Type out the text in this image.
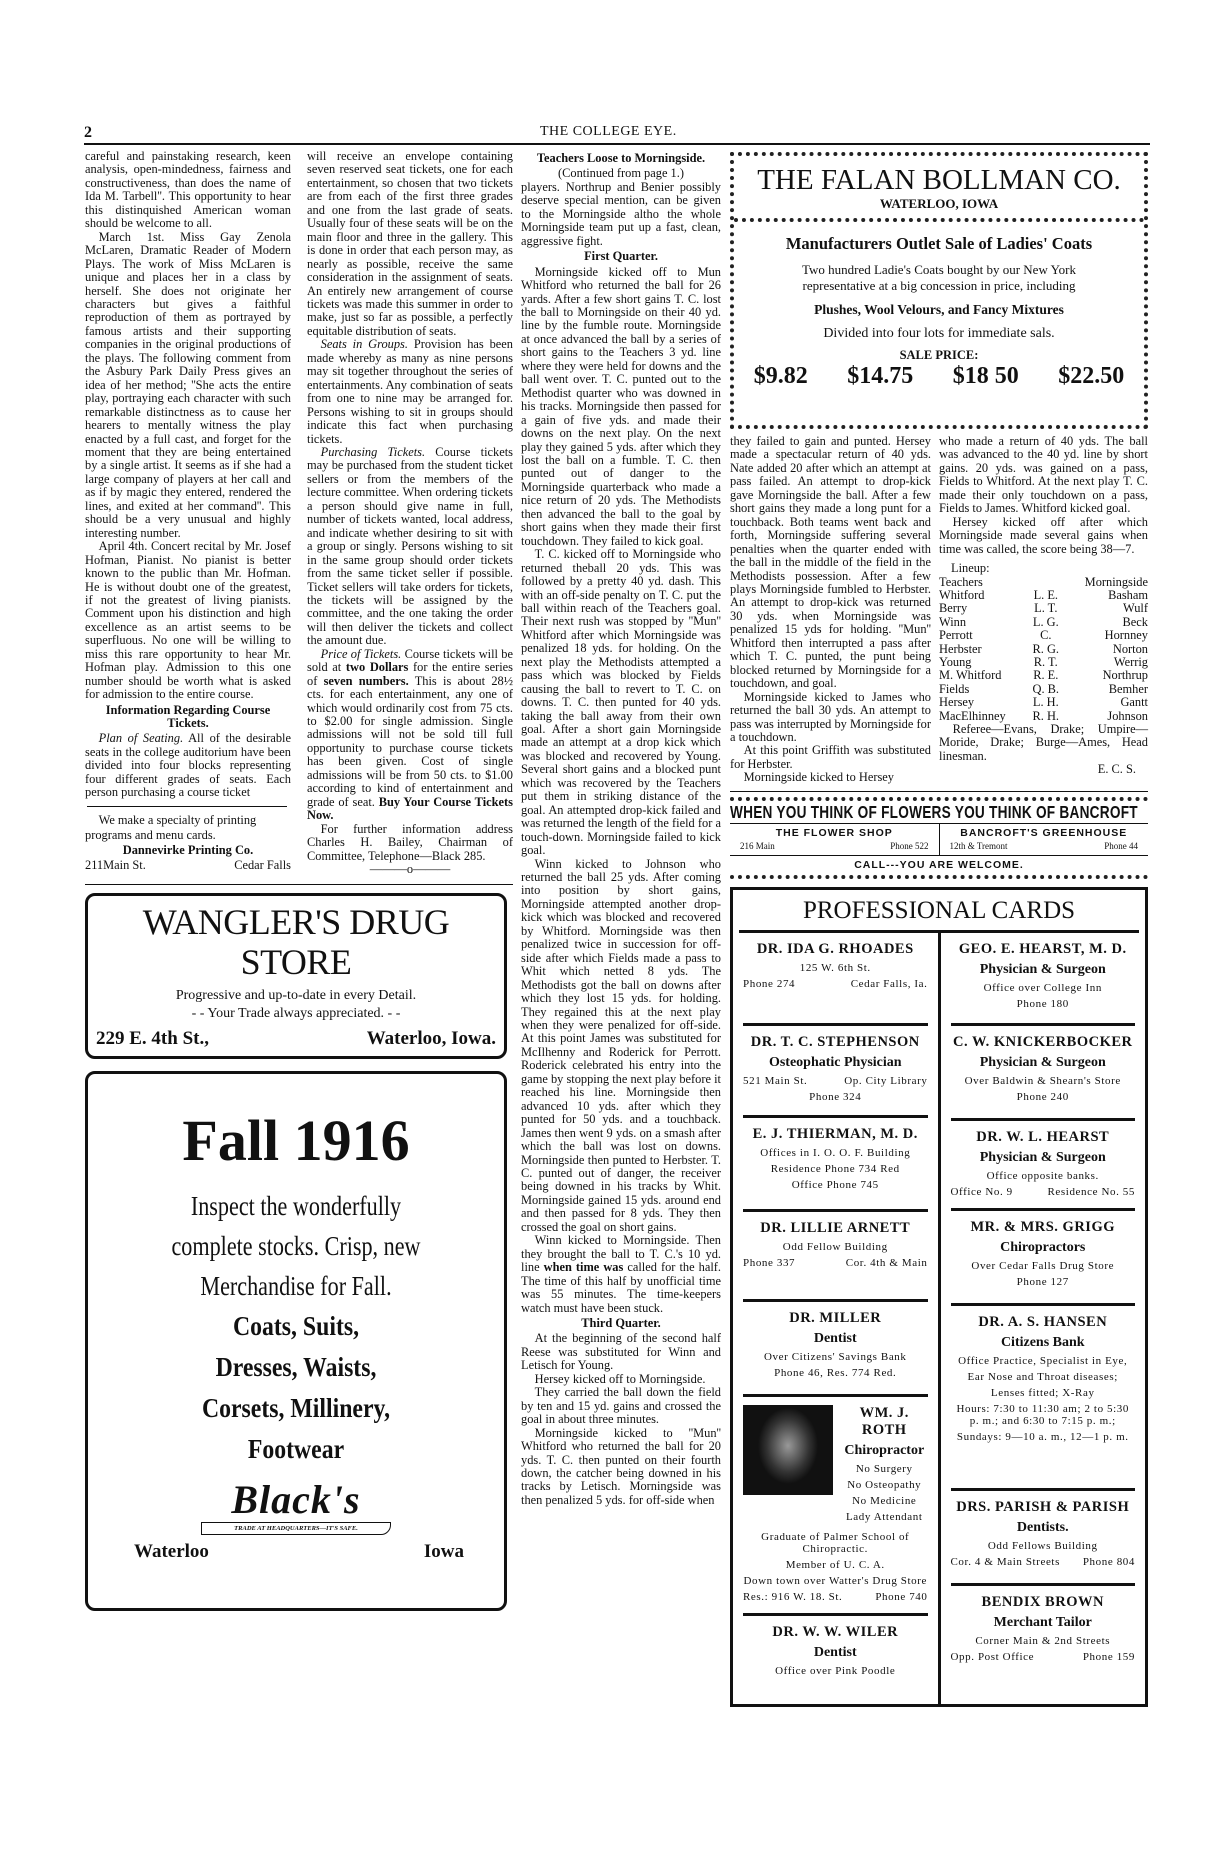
2	THE COLLEGE EYE.

careful and painstaking research, keen analysis, open-mindedness, fairness and constructiveness, than does the name of Ida M. Tarbell''. This opportunity to hear this distinquished American woman should be welcome to all.

March 1st. Miss Gay Zenola McLaren, Dramatic Reader of Modern Plays. The work of Miss McLaren is unique and places her in a class by herself. She does not originate her characters but gives a faithful reproduction of them as portrayed by famous artists and their supporting companies in the original productions of the plays. The following comment from the Asbury Park Daily Press gives an idea of her method; ''She acts the entire play, portraying each character with such remarkable distinctness as to cause her hearers to mentally witness the play enacted by a full cast, and forget for the moment that they are being entertained by a single artist. It seems as if she had a large company of players at her call and as if by magic they entered, rendered the lines, and exited at her command''. This should be a very unusual and highly interesting number.

April 4th. Concert recital by Mr. Josef Hofman, Pianist. No pianist is better known to the public than Mr. Hofman. He is without doubt one of the greatest, if not the greatest of living pianists. Comment upon his distinction and high excellence as an artist seems to be superfluous. No one will be willing to miss this rare opportunity to hear Mr. Hofman play. Admission to this one number should be worth what is asked for admission to the entire course.

Information Regarding Course Tickets.

Plan of Seating. All of the desirable seats in the college auditorium have been divided into four blocks representing four different grades of seats. Each person purchasing a course ticket

We make a specialty of printing programs and menu cards.
Dannevirke Printing Co.
211Main St.	Cedar Falls

will receive an envelope containing seven reserved seat tickets, one for each entertainment, so chosen that two tickets are from each of the first three grades and one from the last grade of seats. Usually four of these seats will be on the main floor and three in the gallery. This is done in order that each person may, as nearly as possible, receive the same consideration in the assignment of seats. An entirely new arrangement of course tickets was made this summer in order to make, just so far as possible, a perfectly equitable distribution of seats.

Seats in Groups. Provision has been made whereby as many as nine persons may sit together throughout the series of entertainments. Any combination of seats from one to nine may be arranged for. Persons wishing to sit in groups should indicate this fact when purchasing tickets.

Purchasing Tickets. Course tickets may be purchased from the student ticket sellers or from the members of the lecture committee. When ordering tickets a person should give name in full, number of tickets wanted, local address, and indicate whether desiring to sit with a group or singly. Persons wishing to sit in the same group should order tickets from the same ticket seller if possible. Ticket sellers will take orders for tickets, the tickets will be assigned by the committee, and the one taking the order will then deliver the tickets and collect the amount due.

Price of Tickets. Course tickets will be sold at two Dollars for the entire series of seven numbers. This is about 28½ cts. for each entertainment, any one of which would ordinarily cost from 75 cts. to $2.00 for single admission. Single admissions will not be sold till full opportunity to purchase course tickets has been given. Cost of single admissions will be from 50 cts. to $1.00 according to kind of entertainment and grade of seat. Buy Your Course Tickets Now.

For further information address Charles H. Bailey, Chairman of Committee, Telephone—Black 285.

———o———
WANGLER'S DRUG STORE
Progressive and up-to-date in every Detail.
- - Your Trade always appreciated. - -
229 E. 4th St.,	Waterloo, Iowa.
Fall 1916
Inspect the wonderfully
complete stocks. Crisp, new
Merchandise for Fall.
Coats, Suits,
Dresses, Waists,
Corsets, Millinery,
Footwear
Black's
TRADE AT HEADQUARTERS—IT'S SAFE.
Waterloo	Iowa
Teachers Loose to Morningside.
(Continued from page 1.)

players. Northrup and Benier possibly deserve special mention, can be given to the Morningside altho the whole Morningside team put up a fast, clean, aggressive fight.

First Quarter.

Morningside kicked off to Mun Whitford who returned the ball for 26 yards. After a few short gains T. C. lost the ball to Morningside on their 40 yd. line by the fumble route. Morningside at once advanced the ball by a series of short gains to the Teachers 3 yd. line where they were held for downs and the ball went over. T. C. punted out to the Methodist quarter who was downed in his tracks. Morningside then passed for a gain of five yds. and made their downs on the next play. On the next play they gained 5 yds. after which they lost the ball on a fumble. T. C. then punted out of danger to the Morningside quarterback who made a nice return of 20 yds. The Methodists then advanced the ball to the goal by short gains when they made their first touchdown. They failed to kick goal.

T. C. kicked off to Morningside who returned theball 20 yds. This was followed by a pretty 40 yd. dash. This with an off-side penalty on T. C. put the ball within reach of the Teachers goal. Their next rush was stopped by ''Mun'' Whitford after which Morningside was penalized 18 yds. for holding. On the next play the Methodists attempted a pass which was blocked by Fields causing the ball to revert to T. C. on downs. T. C. then punted for 40 yds. taking the ball away from their own goal. After a short gain Morningside made an attempt at a drop kick which was blocked and recovered by Young. Several short gains and a blocked punt which was recovered by the Teachers put them in striking distance of the goal. An attempted drop-kick failed and was returned the length of the field for a touch-down. Morningside failed to kick goal.

Winn kicked to Johnson who returned the ball 25 yds. After coming into position by short gains, Morningside attempted another drop-kick which was blocked and recovered by Whitford. Morningside was then penalized twice in succession for off-side after which Fields made a pass to Whit which netted 8 yds. The Methodists got the ball on downs after which they lost 15 yds. for holding. They regained this at the next play when they were penalized for off-side. At this point James was substituted for McIlhenny and Roderick for Perrott. Roderick celebrated his entry into the game by stopping the next play before it reached his line. Morningside then advanced 10 yds. after which they punted for 50 yds. and a touchback. James then went 9 yds. on a smash after which the ball was lost on downs. Morningside then punted to Herbster. T. C. punted out of danger, the receiver being downed in his tracks by Whit. Morningside gained 15 yds. around end and then passed for 8 yds. They then crossed the goal on short gains.

Winn kicked to Morningside. Then they brought the ball to T. C.'s 10 yd. line when time was called for the half. The time of this half by unofficial time was 55 minutes. The time-keepers watch must have been stuck.

Third Quarter.

At the beginning of the second half Reese was substituted for Winn and Letisch for Young.

Hersey kicked off to Morningside.

They carried the ball down the field by ten and 15 yd. gains and crossed the goal in about three minutes.

Morningside kicked to ''Mun'' Whitford who returned the ball for 20 yds. T. C. then punted on their fourth down, the catcher being downed in his tracks by Letisch. Morningside was then penalized 5 yds. for off-side when

THE FALAN BOLLMAN CO.
WATERLOO, IOWA
Manufacturers Outlet Sale of Ladies' Coats
Two hundred Ladie's Coats bought by our New York
representative at a big concession in price, including
Plushes, Wool Velours, and Fancy Mixtures
Divided into four lots for immediate sals.
SALE PRICE:
$9.82 $14.75 $18 50 $22.50

they failed to gain and punted. Hersey made a spectacular return of 40 yds. Nate added 20 after which an attempt at pass failed. An attempt to drop-kick gave Morningside the ball. After a few short gains they made a long punt for a touchback. Both teams went back and forth, Morningside suffering several penalties when the quarter ended with the ball in the middle of the field in the Methodists possession. After a few plays Morningside fumbled to Herbster. An attempt to drop-kick was returned 30 yds. when Morningside was penalized 15 yds for holding. ''Mun'' Whitford then interrupted a pass after which T. C. punted, the punt being blocked returned by Morningside for a touchdown, and goal.

Morningside kicked to James who returned the ball 30 yds. An attempt to pass was interrupted by Morningside for a touchdown.

At this point Griffith was substituted for Herbster.

Morningside kicked to Hersey

who made a return of 40 yds. The ball was advanced to the 40 yd. line by short gains. 20 yds. was gained on a pass, Fields to Whitford. At the next play T. C. made their only touchdown on a pass, Fields to James. Whitford kicked goal.

Hersey kicked off after which Morningside made several gains when time was called, the score being 38—7.

Lineup:

Teachers		Morningside
Whitford	L. E.	Basham
Berry	L. T.	Wulf
Winn	L. G.	Beck
Perrott	C.	Hornney
Herbster	R. G.	Norton
Young	R. T.	Werrig
M. Whitford	R. E.	Northrup
Fields	Q. B.	Bemher
Hersey	L. H.	Gantt
MacElhinney	R. H.	Johnson

Referee—Evans, Drake; Umpire—Moride, Drake; Burge—Ames, Head linesman.

E. C. S.
WHEN YOU THINK OF FLOWERS YOU THINK OF BANCROFT
THE FLOWER SHOP
216 Main	Phone 522
BANCROFT'S GREENHOUSE
12th & Tremont	Phone 44
CALL---YOU ARE WELCOME.
PROFESSIONAL CARDS
DR. IDA G. RHOADES
125 W. 6th St.
Phone 274	Cedar Falls, Ia.
DR. T. C. STEPHENSON
Osteophatic Physician
521 Main St.	Op. City Library
Phone 324
E. J. THIERMAN, M. D.
Offices in I. O. O. F. Building
Residence Phone 734 Red
Office Phone 745
DR. LILLIE ARNETT
Odd Fellow Building
Phone 337	Cor. 4th & Main
DR. MILLER
Dentist
Over Citizens' Savings Bank
Phone 46, Res. 774 Red.
WM. J. ROTH
Chiropractor
No Surgery
No Osteopathy
No Medicine
Lady Attendant
Graduate of Palmer School of Chiropractic.
Member of U. C. A.
Down town over Watter's Drug Store
Res.: 916 W. 18. St.	Phone 740
DR. W. W. WILER
Dentist
Office over Pink Poodle
GEO. E. HEARST, M. D.
Physician & Surgeon
Office over College Inn
Phone 180
C. W. KNICKERBOCKER
Physician & Surgeon
Over Baldwin & Shearn's Store
Phone 240
DR. W. L. HEARST
Physician & Surgeon
Office opposite banks.
Office No. 9	Residence No. 55
MR. & MRS. GRIGG
Chiropractors
Over Cedar Falls Drug Store
Phone 127
DR. A. S. HANSEN
Citizens Bank
Office Practice, Specialist in Eye,
Ear Nose and Throat diseases;
Lenses fitted; X-Ray
Hours: 7:30 to 11:30 am; 2 to 5:30 p. m.; and 6:30 to 7:15 p. m.;
Sundays: 9—10 a. m., 12—1 p. m.
DRS. PARISH & PARISH
Dentists.
Odd Fellows Building
Cor. 4 & Main Streets Phone 804
BENDIX BROWN
Merchant Tailor
Corner Main & 2nd Streets
Opp. Post Office	Phone 159
